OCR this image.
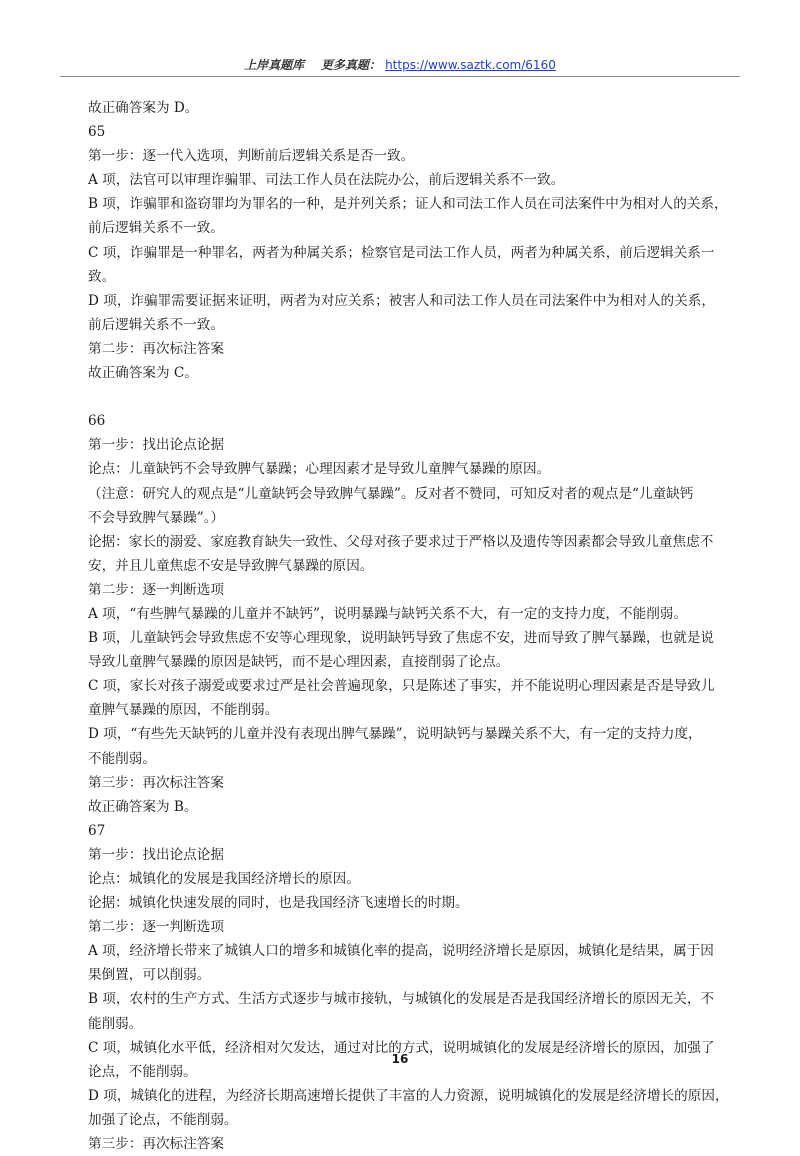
上岸真题库 更多真题： https://www.saztk.com/6160

故正确答案为 D。

65

第一步：逐一代入选项，判断前后逻辑关系是否一致。

A 项，法官可以审理诈骗罪、司法工作人员在法院办公，前后逻辑关系不一致。

B 项，诈骗罪和盗窃罪均为罪名的一种，是并列关系；证人和司法工作人员在司法案件中为相对人的关系，

前后逻辑关系不一致。

C 项，诈骗罪是一种罪名，两者为种属关系；检察官是司法工作人员，两者为种属关系，前后逻辑关系一

致。

D 项，诈骗罪需要证据来证明，两者为对应关系；被害人和司法工作人员在司法案件中为相对人的关系，

前后逻辑关系不一致。

第二步：再次标注答案

故正确答案为 C。

66

第一步：找出论点论据

论点：儿童缺钙不会导致脾气暴躁；心理因素才是导致儿童脾气暴躁的原因。

（注意：研究人的观点是“儿童缺钙会导致脾气暴躁”。反对者不赞同，可知反对者的观点是“儿童缺钙

不会导致脾气暴躁”。）

论据：家长的溺爱、家庭教育缺失一致性、父母对孩子要求过于严格以及遗传等因素都会导致儿童焦虑不

安，并且儿童焦虑不安是导致脾气暴躁的原因。

第二步：逐一判断选项

A 项，“有些脾气暴躁的儿童并不缺钙”，说明暴躁与缺钙关系不大，有一定的支持力度，不能削弱。

B 项，儿童缺钙会导致焦虑不安等心理现象，说明缺钙导致了焦虑不安，进而导致了脾气暴躁，也就是说

导致儿童脾气暴躁的原因是缺钙，而不是心理因素，直接削弱了论点。

C 项，家长对孩子溺爱或要求过严是社会普遍现象，只是陈述了事实，并不能说明心理因素是否是导致儿

童脾气暴躁的原因，不能削弱。

D 项，“有些先天缺钙的儿童并没有表现出脾气暴躁”，说明缺钙与暴躁关系不大，有一定的支持力度，

不能削弱。

第三步：再次标注答案

故正确答案为 B。

67

第一步：找出论点论据

论点：城镇化的发展是我国经济增长的原因。

论据：城镇化快速发展的同时，也是我国经济飞速增长的时期。

第二步：逐一判断选项

A 项，经济增长带来了城镇人口的增多和城镇化率的提高，说明经济增长是原因，城镇化是结果，属于因

果倒置，可以削弱。

B 项，农村的生产方式、生活方式逐步与城市接轨，与城镇化的发展是否是我国经济增长的原因无关，不

能削弱。

C 项，城镇化水平低，经济相对欠发达，通过对比的方式，说明城镇化的发展是经济增长的原因，加强了

论点，不能削弱。

D 项，城镇化的进程，为经济长期高速增长提供了丰富的人力资源，说明城镇化的发展是经济增长的原因，

加强了论点，不能削弱。

第三步：再次标注答案

16
